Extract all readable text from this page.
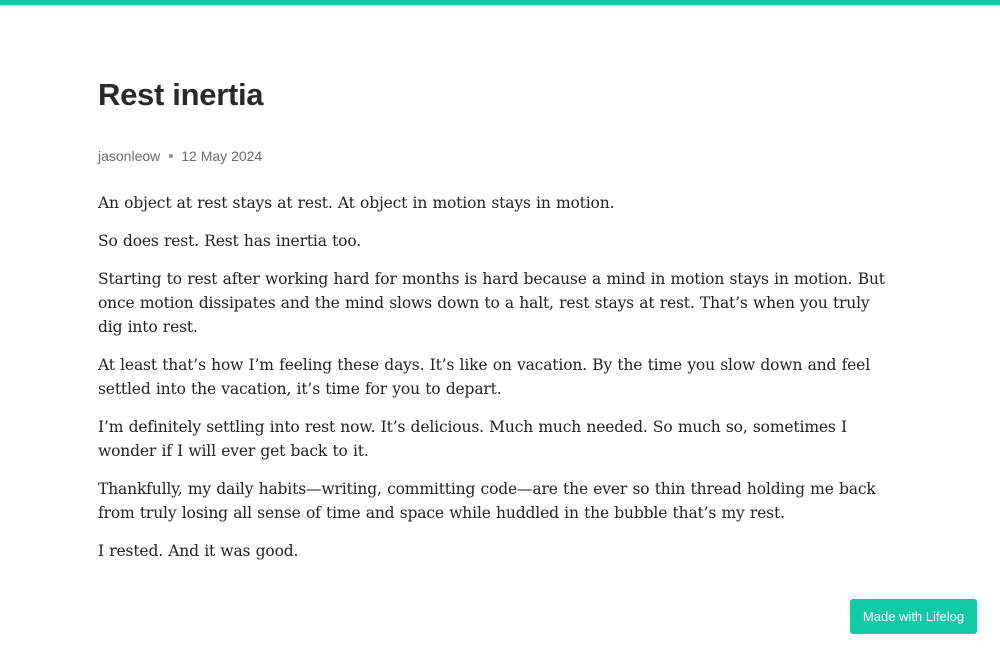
Rest inertia
jasonleow 12 May 2024

An object at rest stays at rest. At object in motion stays in motion.

So does rest. Rest has inertia too.

Starting to rest after working hard for months is hard because a mind in motion stays in motion. But once motion dissipates and the mind slows down to a halt, rest stays at rest. That’s when you truly dig into rest.

At least that’s how I’m feeling these days. It’s like on vacation. By the time you slow down and feel settled into the vacation, it’s time for you to depart.

I’m definitely settling into rest now. It’s delicious. Much much needed. So much so, sometimes I wonder if I will ever get back to it.

Thankfully, my daily habits—writing, committing code—are the ever so thin thread holding me back from truly losing all sense of time and space while huddled in the bubble that’s my rest.

I rested. And it was good.

Made with Lifelog
